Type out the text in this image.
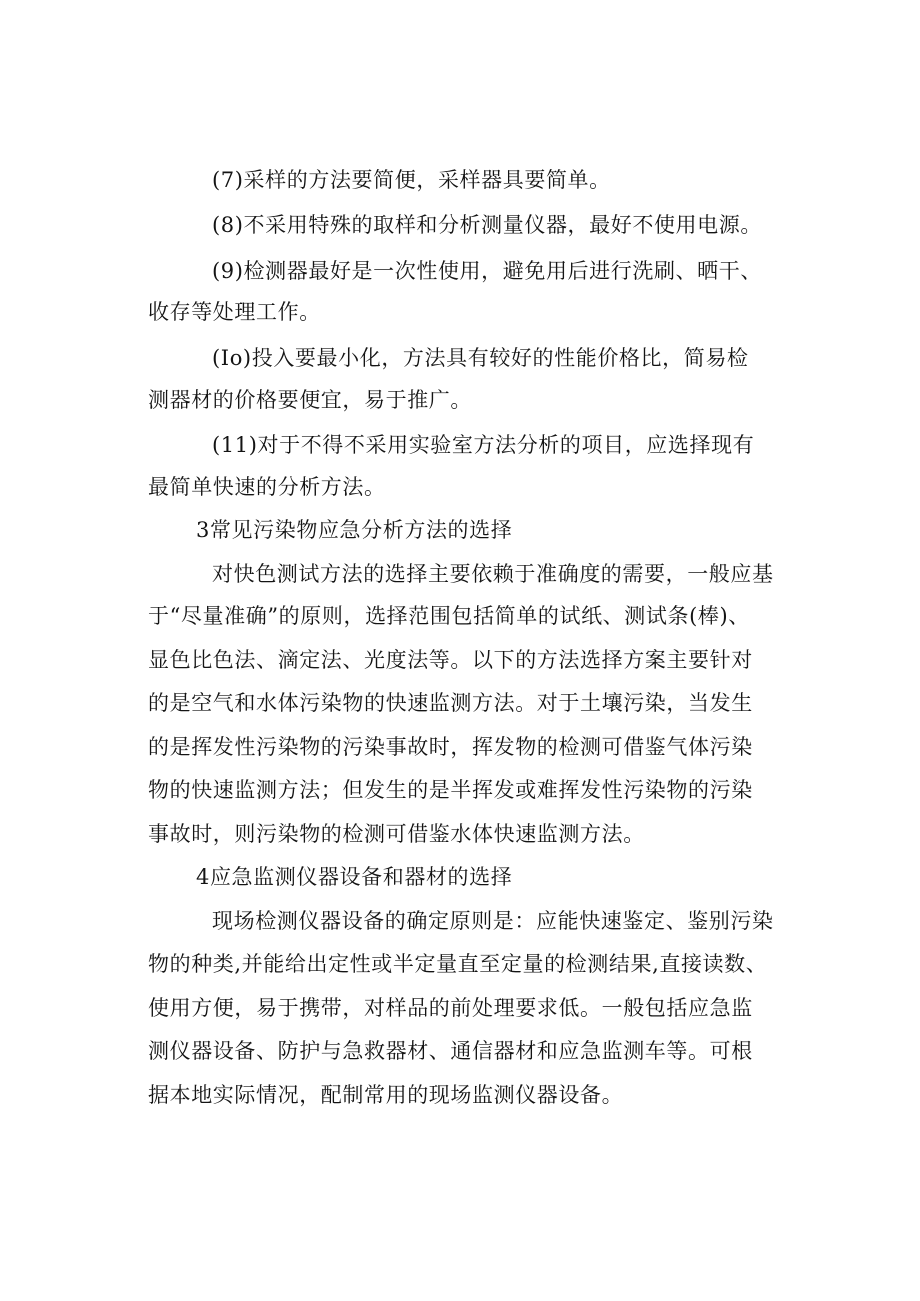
(7)采样的方法要简便，采样器具要简单。
(8)不采用特殊的取样和分析测量仪器，最好不使用电源。
(9)检测器最好是一次性使用，避免用后进行洗刷、晒干、
收存等处理工作。
(Io)投入要最小化，方法具有较好的性能价格比，简易检
测器材的价格要便宜，易于推广。
(11)对于不得不采用实验室方法分析的项目，应选择现有
最简单快速的分析方法。
3常见污染物应急分析方法的选择
对快色测试方法的选择主要依赖于准确度的需要，一般应基
于“尽量准确”的原则，选择范围包括简单的试纸、测试条(棒)、
显色比色法、滴定法、光度法等。以下的方法选择方案主要针对
的是空气和水体污染物的快速监测方法。对于土壤污染，当发生
的是挥发性污染物的污染事故时，挥发物的检测可借鉴气体污染
物的快速监测方法；但发生的是半挥发或难挥发性污染物的污染
事故时，则污染物的检测可借鉴水体快速监测方法。
4应急监测仪器设备和器材的选择
现场检测仪器设备的确定原则是：应能快速鉴定、鉴别污染
物的种类,并能给出定性或半定量直至定量的检测结果,直接读数、
使用方便，易于携带，对样品的前处理要求低。一般包括应急监
测仪器设备、防护与急救器材、通信器材和应急监测车等。可根
据本地实际情况，配制常用的现场监测仪器设备。
